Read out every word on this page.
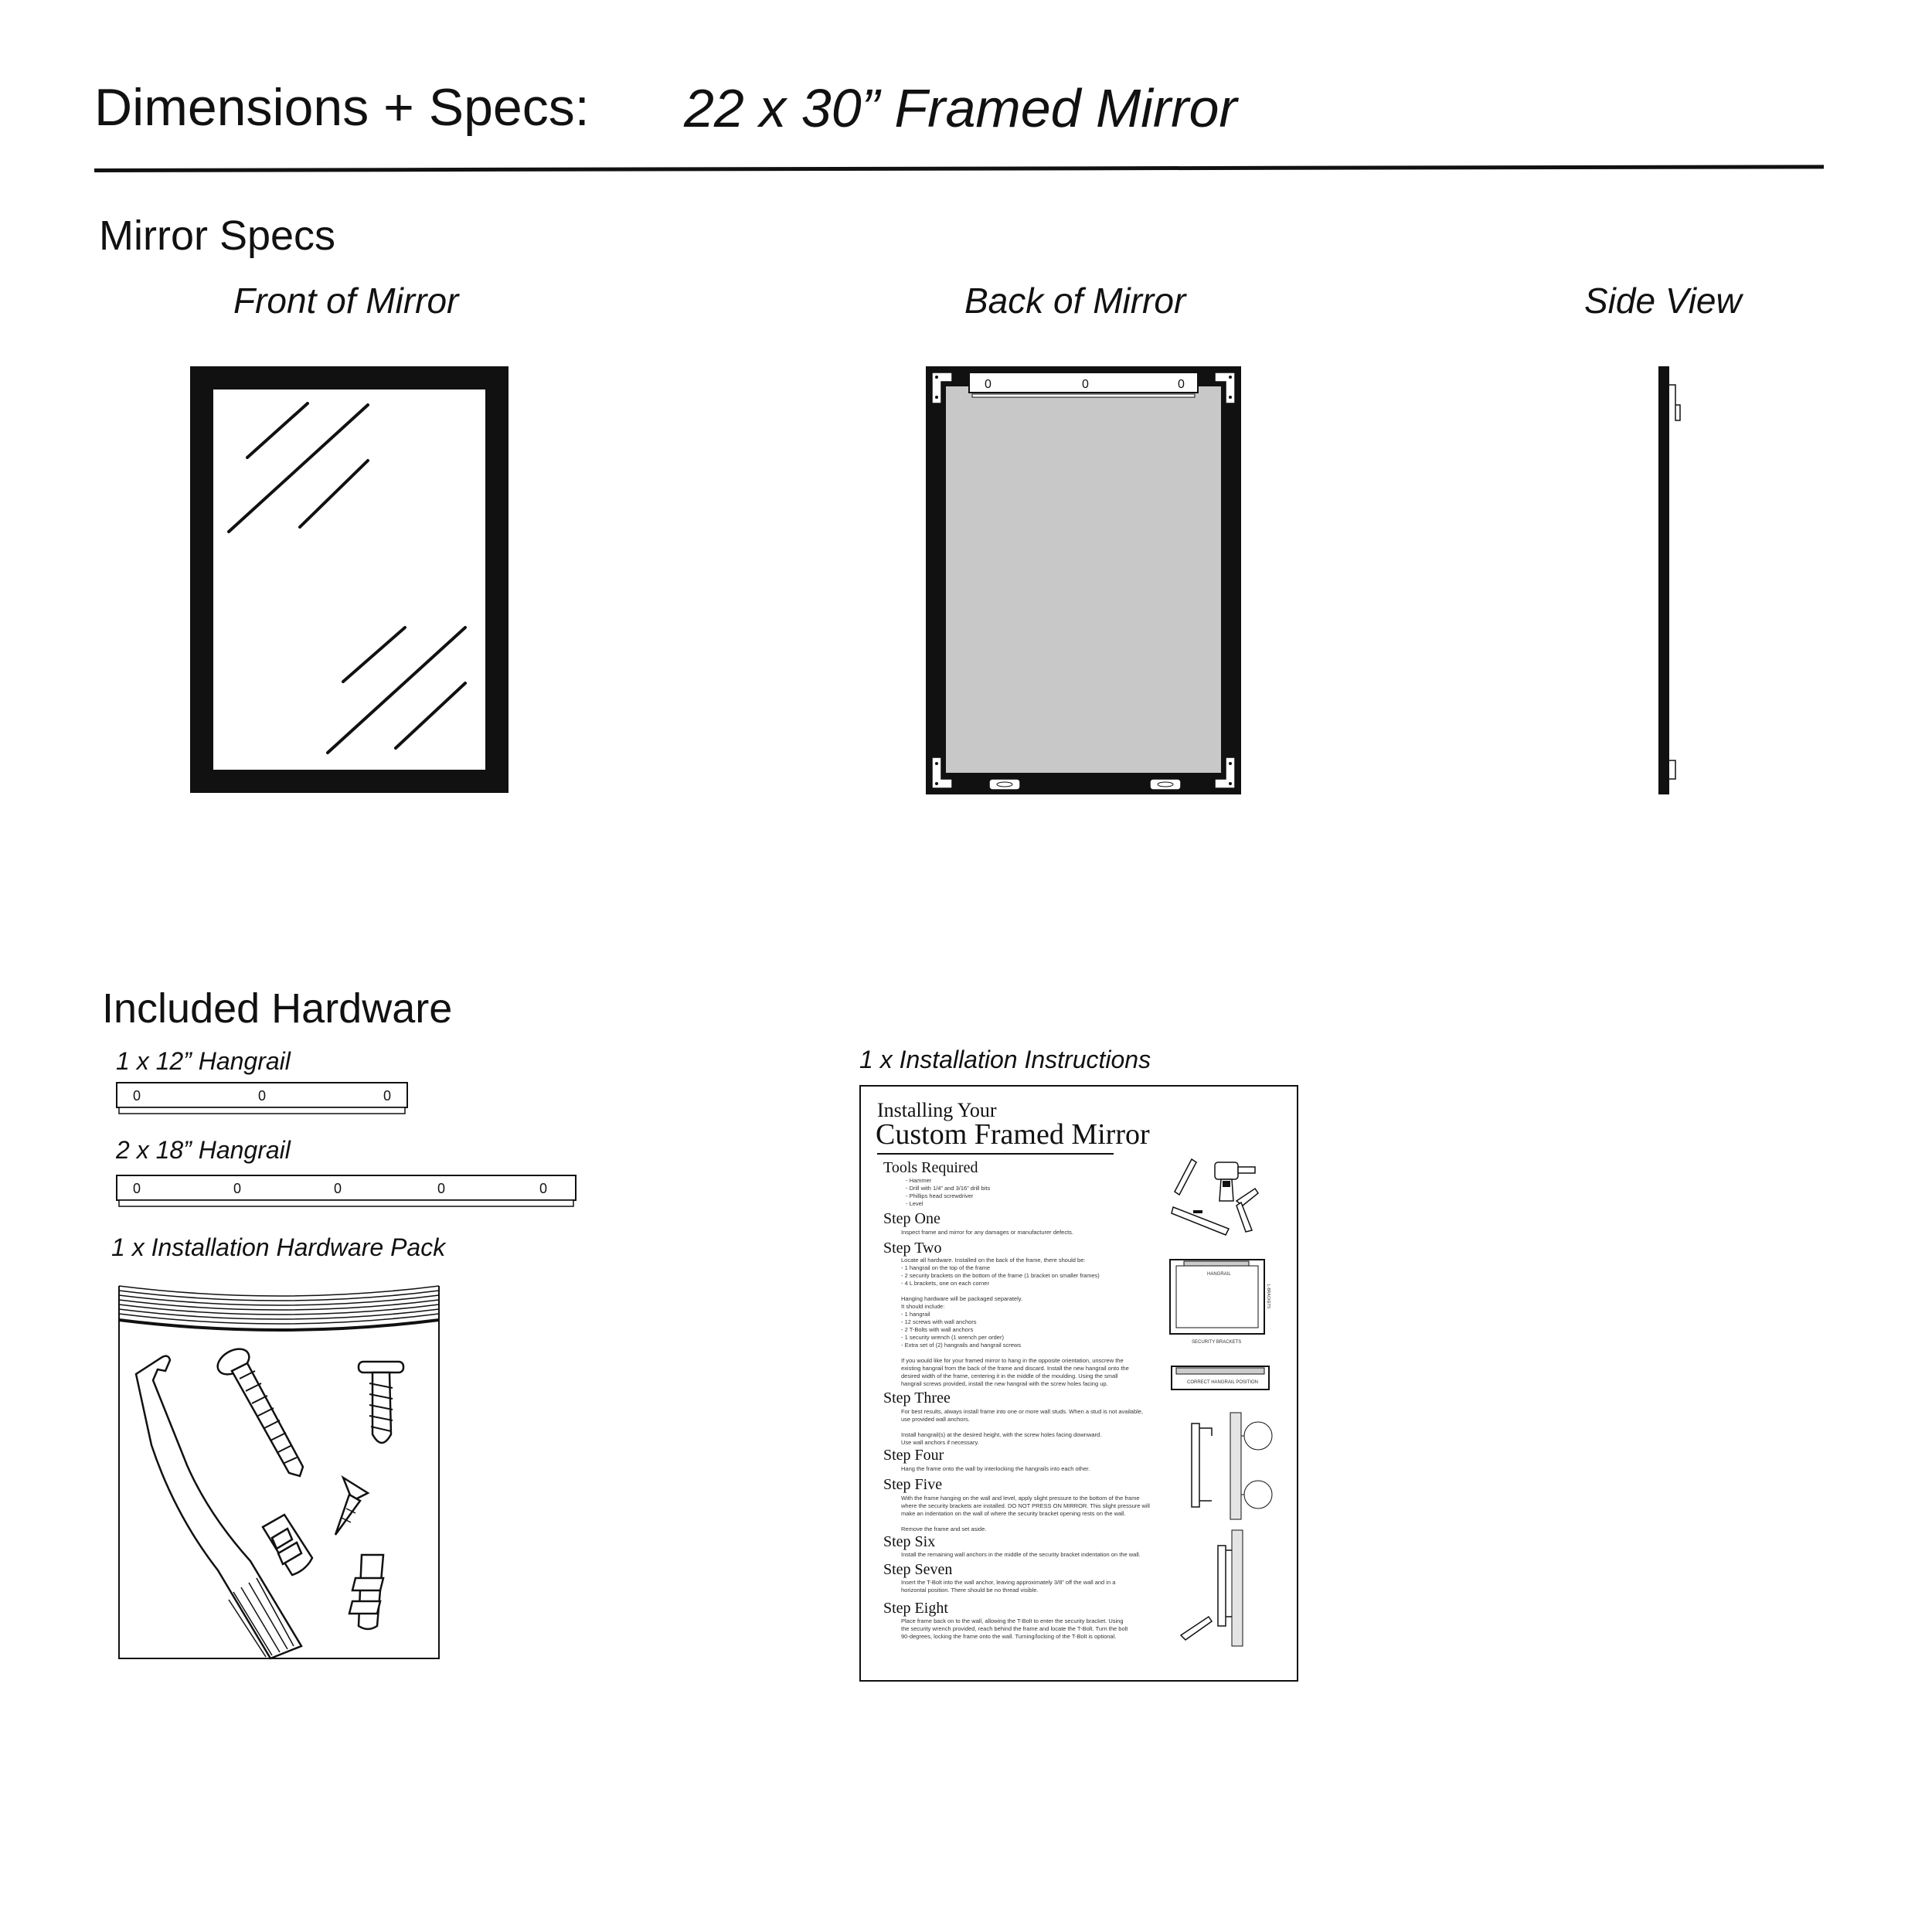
Dimensions + Specs: 22 x 30” Framed Mirror
Mirror Specs
Front of Mirror	Back of Mirror	Side View
0	0	0
Included Hardware
1 x 12” Hangrail
2 x 18” Hangrail
1 x Installation Hardware Pack
1 x Installation Instructions
0	0	0
0	0	0	0	0
Installing Your
Custom Framed Mirror
Tools Required
- Hammer
- Drill with 1/4” and 3/16” drill bits
- Phillips head screwdriver
- Level
Step One
Inspect frame and mirror for any damages or manufacturer defects.
Step Two
Locate all hardware. Installed on the back of the frame, there should be:
- 1 hangrail on the top of the frame
- 2 security brackets on the bottom of the frame (1 bracket on smaller frames)
- 4 L brackets, one on each corner

Hanging hardware will be packaged separately.
It should include:
- 1 hangrail
- 12 screws with wall anchors
- 2 T-Bolts with wall anchors
- 1 security wrench (1 wrench per order)
- Extra set of (2) hangrails and hangrail screws

If you would like for your framed mirror to hang in the opposite orientation, unscrew the
existing hangrail from the back of the frame and discard. Install the new hangrail onto the
desired width of the frame, centering it in the middle of the moulding. Using the small
hangrail screws provided, install the new hangrail with the screw holes facing up.
Step Three
For best results, always install frame into one or more wall studs. When a stud is not available,
use provided wall anchors.

Install hangrail(s) at the desired height, with the screw holes facing downward.
Use wall anchors if necessary.
Step Four
Hang the frame onto the wall by interlocking the hangrails into each other.
Step Five
With the frame hanging on the wall and level, apply slight pressure to the bottom of the frame
where the security brackets are installed. DO NOT PRESS ON MIRROR. This slight pressure will
make an indentation on the wall of where the security bracket opening rests on the wall.

Remove the frame and set aside.
Step Six
Install the remaining wall anchors in the middle of the security bracket indentation on the wall.
Step Seven
Insert the T-Bolt into the wall anchor, leaving approximately 3/8” off the wall and in a
horizontal position. There should be no thread visible.
Step Eight
Place frame back on to the wall, allowing the T-Bolt to enter the security bracket. Using
the security wrench provided, reach behind the frame and locate the T-Bolt. Turn the bolt
90-degrees, locking the frame onto the wall. Turning/locking of the T-Bolt is optional.
HANGRAIL
L-BRACKETS
SECURITY BRACKETS
CORRECT HANGRAIL POSITION
